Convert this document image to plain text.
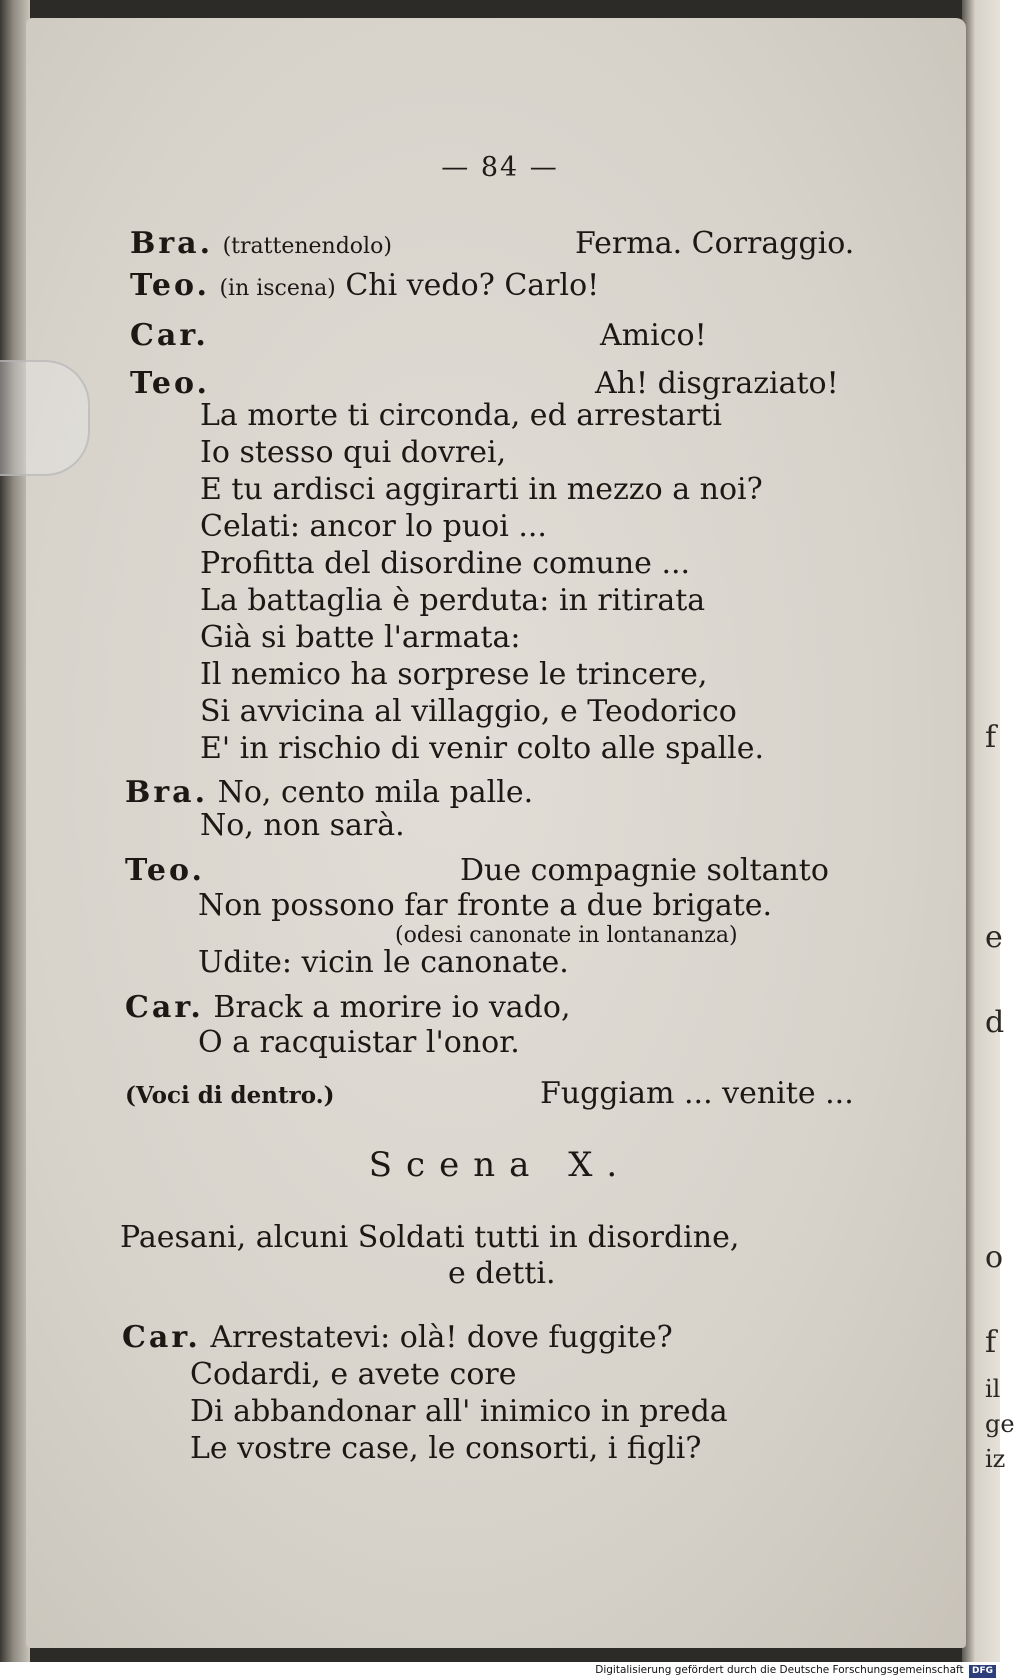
f
e
d
o
f
il
ge
iz
— 84 —
Bra. (trattenendolo)	Ferma. Corraggio.
Teo. (in iscena) Chi vedo? Carlo!
Car.	Amico!
Teo.	Ah! disgraziato!
La morte ti circonda, ed arrestarti
Io stesso qui dovrei,
E tu ardisci aggirarti in mezzo a noi?
Celati: ancor lo puoi ...
Profitta del disordine comune ...
La battaglia è perduta: in ritirata
Già si batte l'armata:
Il nemico ha sorprese le trincere,
Si avvicina al villaggio, e Teodorico
E' in rischio di venir colto alle spalle.
Bra. No, cento mila palle.
No, non sarà.
Teo.	Due compagnie soltanto
Non possono far fronte a due brigate.
(odesi canonate in lontananza)
Udite: vicin le canonate.
Car. Brack a morire io vado,
O a racquistar l'onor.
(Voci di dentro.)	Fuggiam ... venite ...
Scena X.
Paesani, alcuni Soldati tutti in disordine,
e detti.
Car. Arrestatevi: olà! dove fuggite?
Codardi, e avete core
Di abbandonar all' inimico in preda
Le vostre case, le consorti, i figli?
Digitalisierung gefördert durch die Deutsche Forschungsgemeinschaft DFG
